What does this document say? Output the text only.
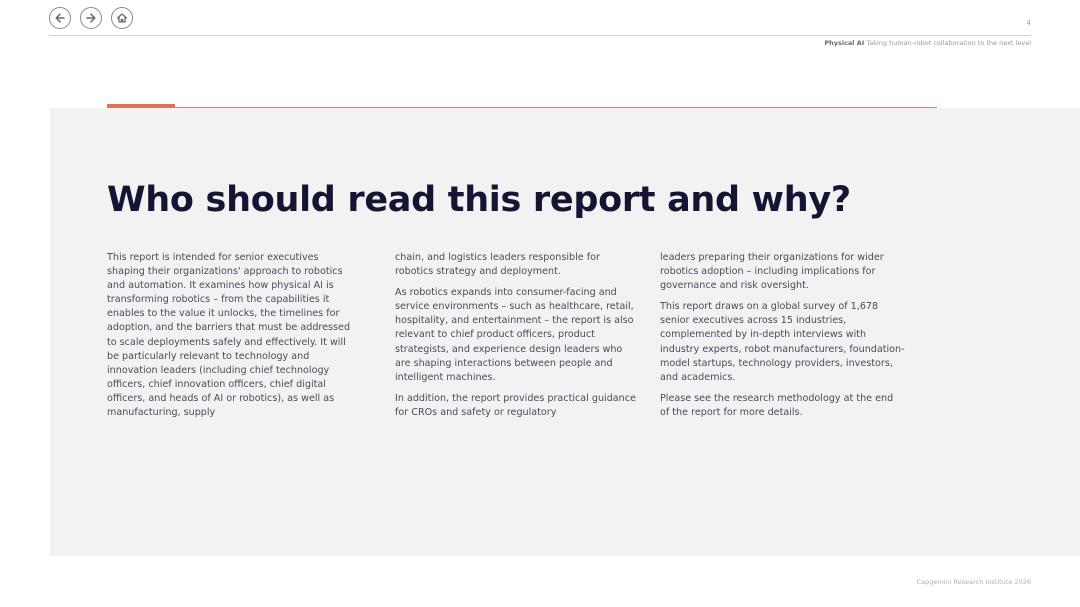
4
Physical AI Taking human-robot collaboration to the next level
Who should read this report and why?

This report is intended for senior executives shaping their organizations' approach to robotics and automation. It examines how physical AI is transforming robotics – from the capabilities it enables to the value it unlocks, the timelines for adoption, and the barriers that must be addressed to scale deployments safely and effectively. It will be particularly relevant to technology and innovation leaders (including chief technology officers, chief innovation officers, chief digital officers, and heads of AI or robotics), as well as manufacturing, supply

chain, and logistics leaders responsible for robotics strategy and deployment.

As robotics expands into consumer-facing and service environments – such as healthcare, retail, hospitality, and entertainment – the report is also relevant to chief product officers, product strategists, and experience design leaders who are shaping interactions between people and intelligent machines.

In addition, the report provides practical guidance for CROs and safety or regulatory

leaders preparing their organizations for wider robotics adoption – including implications for governance and risk oversight.

This report draws on a global survey of 1,678 senior executives across 15 industries, complemented by in-depth interviews with industry experts, robot manufacturers, foundation-model startups, technology providers, investors, and academics.

Please see the research methodology at the end of the report for more details.

Capgemini Research Institute 2026
